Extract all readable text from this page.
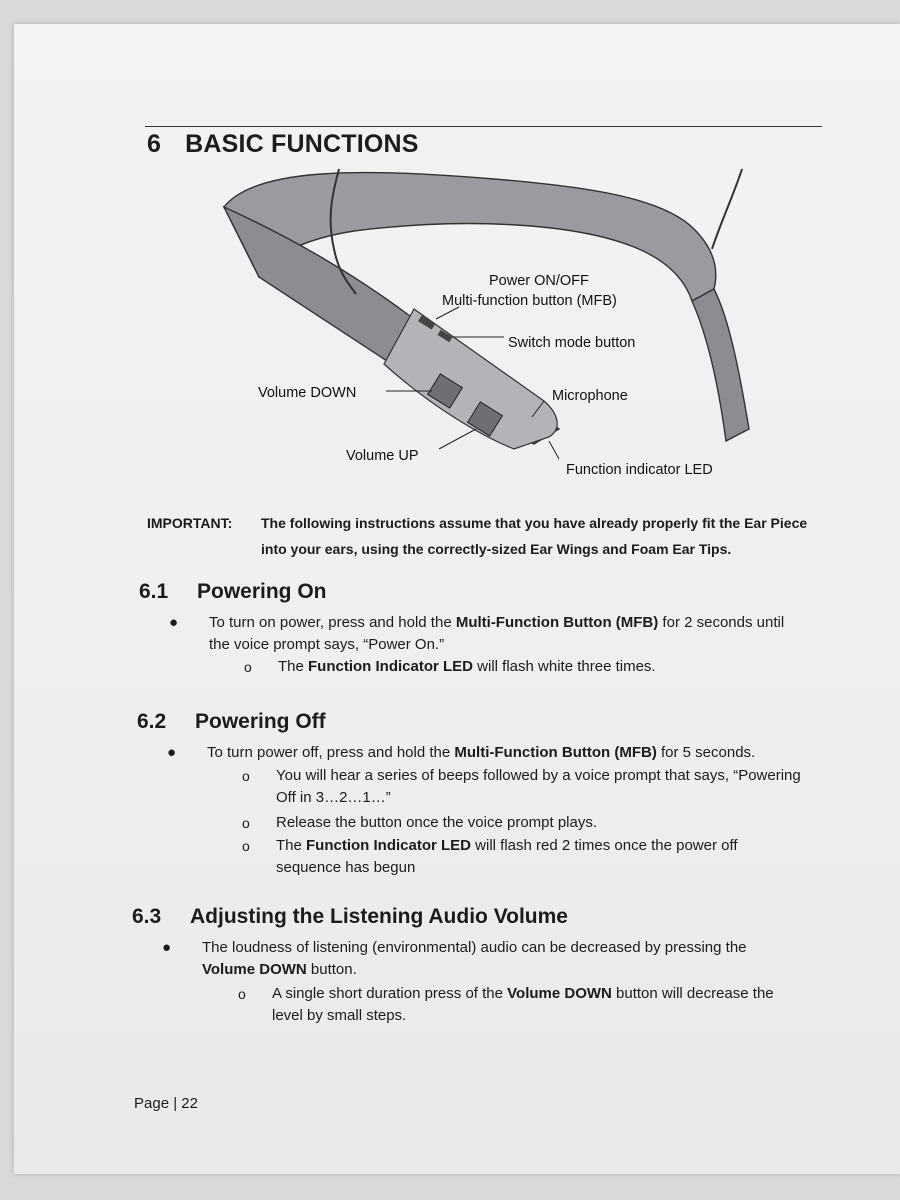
6 BASIC FUNCTIONS
Power ON/OFF
Multi-function button (MFB)
Switch mode button
Volume DOWN	Microphone
Volume UP
Function indicator LED
IMPORTANT: The following instructions assume that you have already properly fit the Ear Piece into your ears, using the correctly-sized Ear Wings and Foam Ear Tips.
6.1 Powering On
● To turn on power, press and hold the Multi-Function Button (MFB) for 2 seconds until the voice prompt says, “Power On.”
o The Function Indicator LED will flash white three times.
6.2 Powering Off
● To turn power off, press and hold the Multi-Function Button (MFB) for 5 seconds.
o You will hear a series of beeps followed by a voice prompt that says, “Powering Off in 3…2…1…”
o Release the button once the voice prompt plays.
o The Function Indicator LED will flash red 2 times once the power off sequence has begun
6.3 Adjusting the Listening Audio Volume
● The loudness of listening (environmental) audio can be decreased by pressing the Volume DOWN button.
o A single short duration press of the Volume DOWN button will decrease the level by small steps.
Page | 22
